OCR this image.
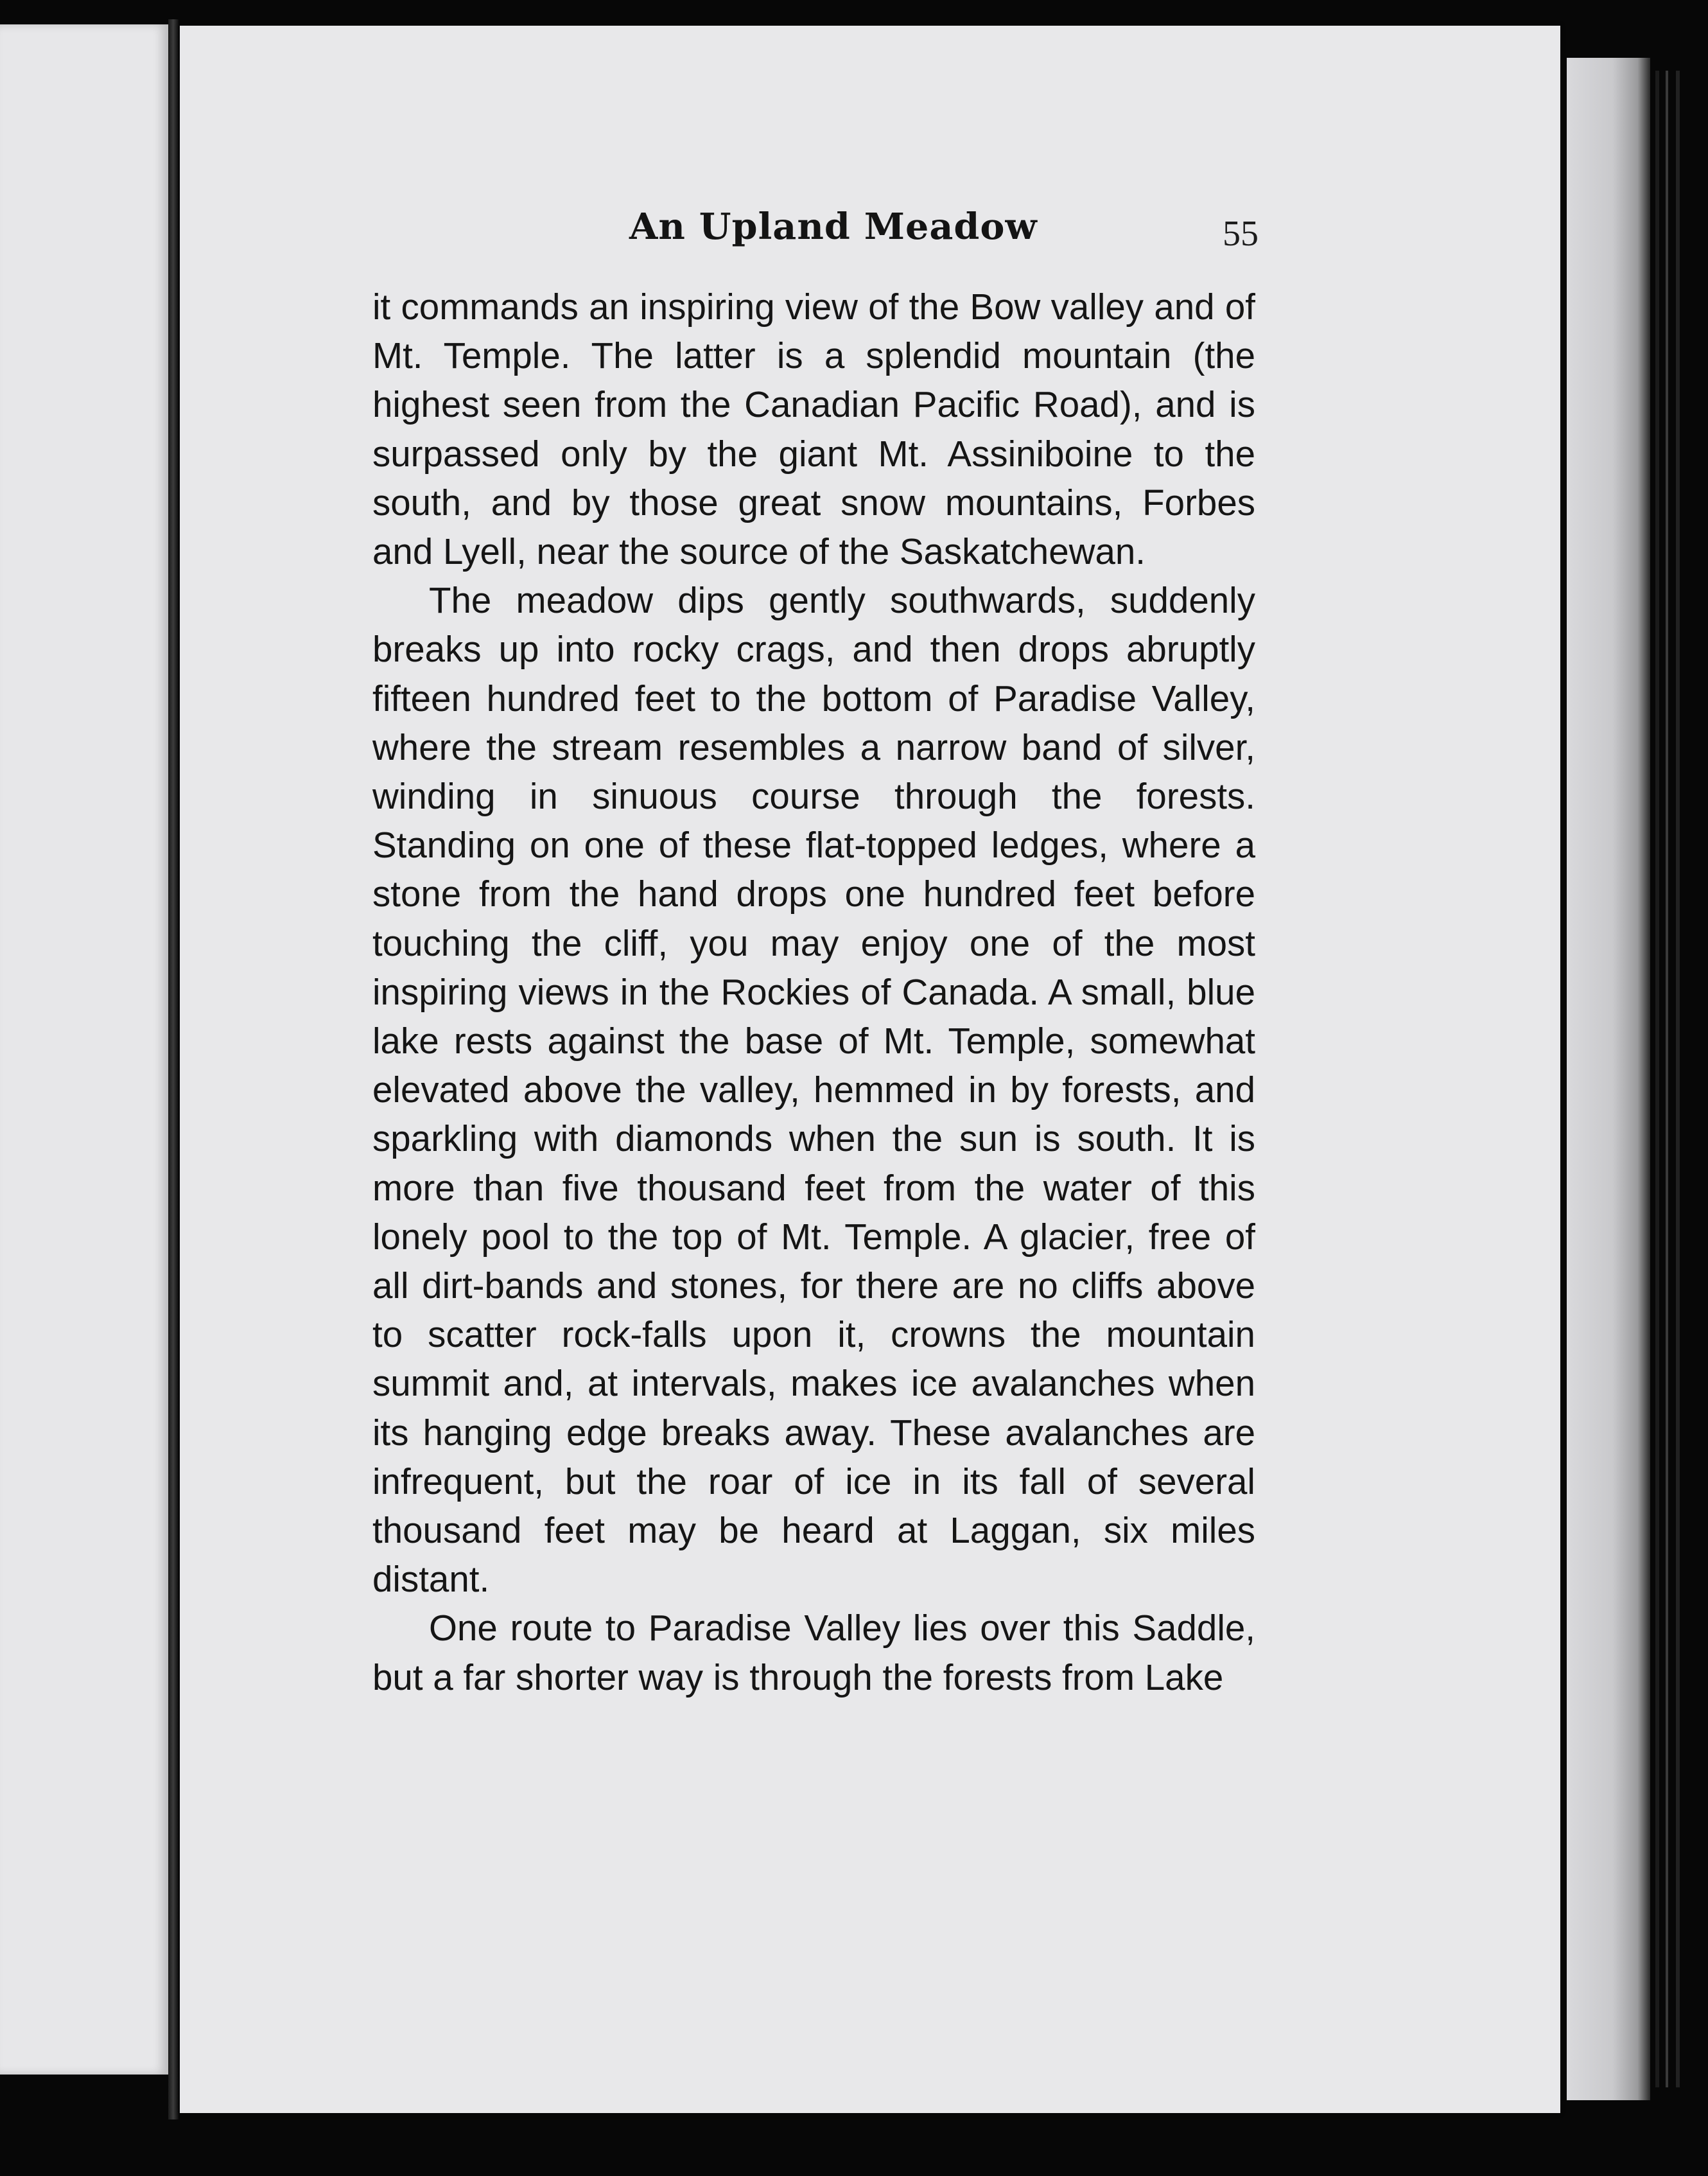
An Upland Meadow	55

it commands an inspiring view of the Bow valley and of Mt. Temple. The latter is a splendid mountain (the highest seen from the Canadian Pacific Road), and is surpassed only by the giant Mt. Assiniboine to the south, and by those great snow mountains, Forbes and Lyell, near the source of the Saskatchewan.

The meadow dips gently southwards, suddenly breaks up into rocky crags, and then drops abruptly fifteen hundred feet to the bottom of Paradise Valley, where the stream resembles a narrow band of silver, winding in sinuous course through the forests. Standing on one of these flat-topped ledges, where a stone from the hand drops one hundred feet before touching the cliff, you may enjoy one of the most inspiring views in the Rockies of Canada. A small, blue lake rests against the base of Mt. Temple, somewhat elevated above the valley, hemmed in by forests, and sparkling with diamonds when the sun is south. It is more than five thousand feet from the water of this lonely pool to the top of Mt. Temple. A glacier, free of all dirt-bands and stones, for there are no cliffs above to scatter rock-falls upon it, crowns the mountain summit and, at intervals, makes ice avalanches when its hanging edge breaks away. These avalanches are infrequent, but the roar of ice in its fall of several thousand feet may be heard at Laggan, six miles distant.

One route to Paradise Valley lies over this Saddle, but a far shorter way is through the forests from Lake
